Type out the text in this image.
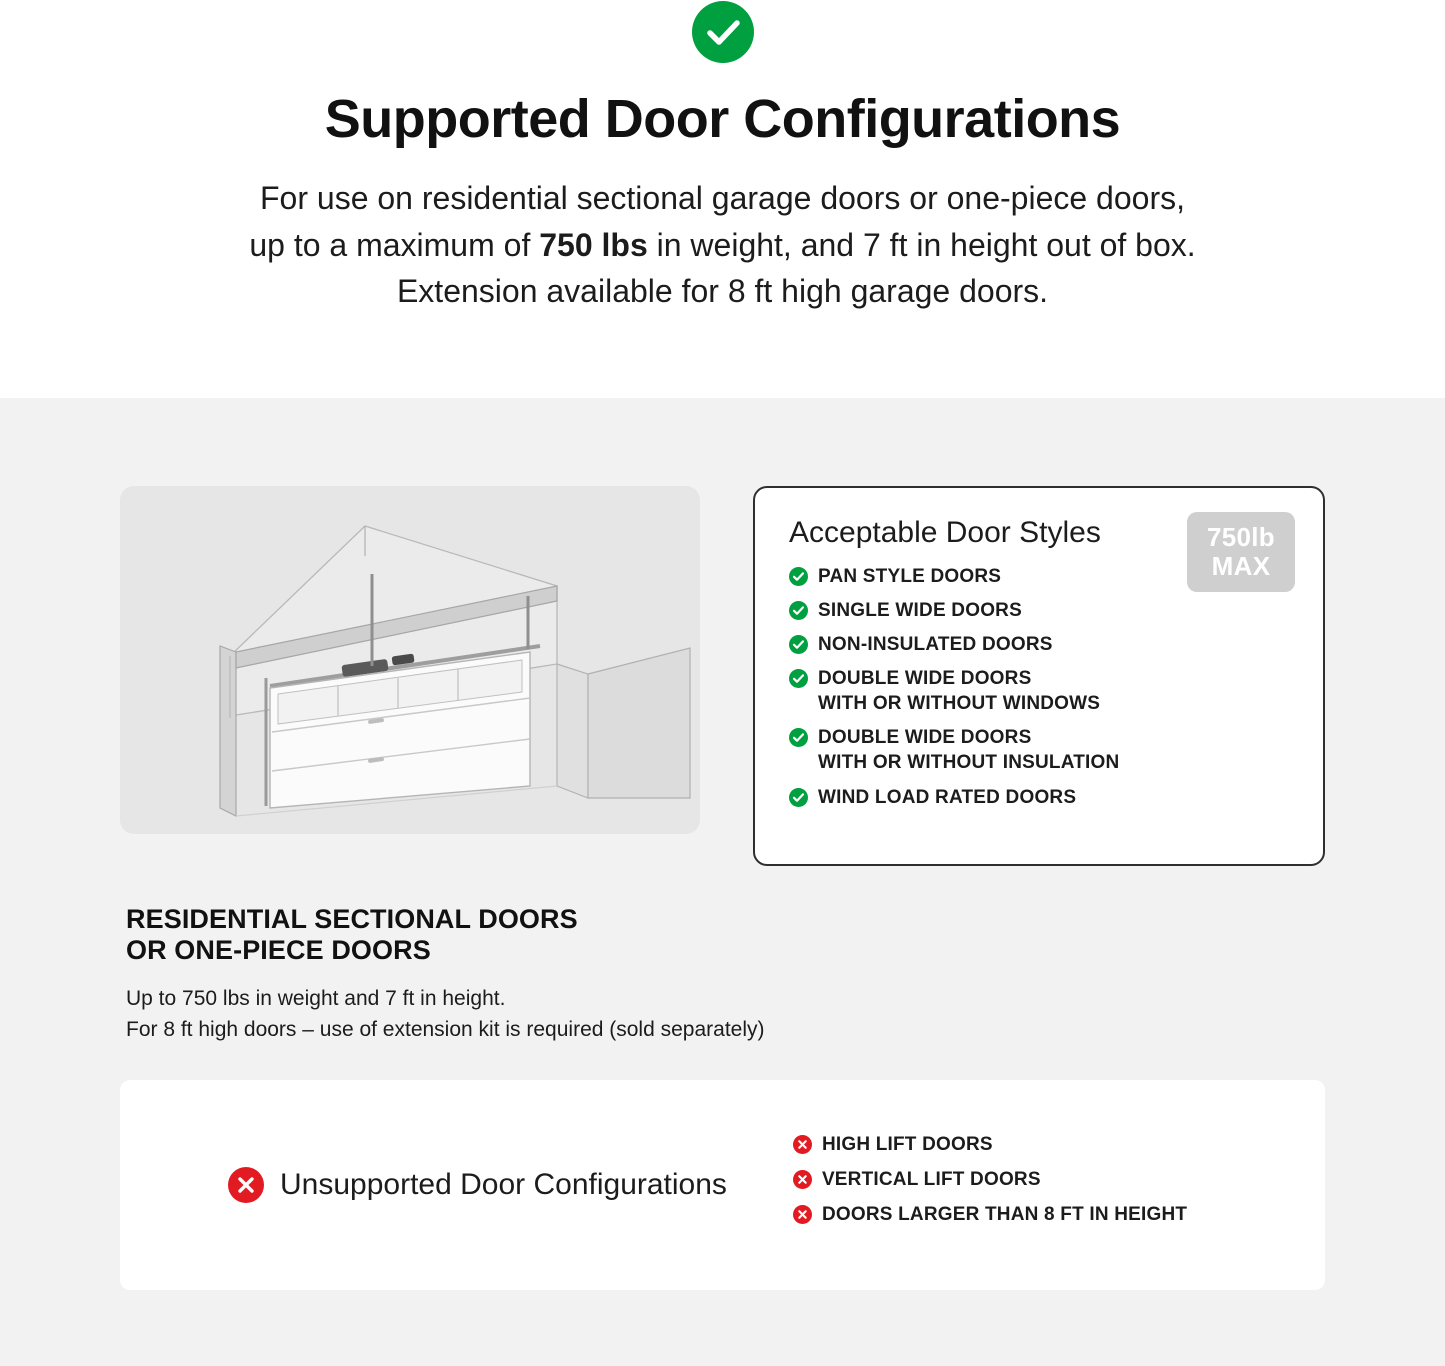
Supported Door Configurations
For use on residential sectional garage doors or one-piece doors,
up to a maximum of 750 lbs in weight, and 7 ft in height out of box.
Extension available for 8 ft high garage doors.
Acceptable Door Styles	750lb
MAX
PAN STYLE DOORS
SINGLE WIDE DOORS
NON-INSULATED DOORS
DOUBLE WIDE DOORS
WITH OR WITHOUT WINDOWS
DOUBLE WIDE DOORS
WITH OR WITHOUT INSULATION
WIND LOAD RATED DOORS
RESIDENTIAL SECTIONAL DOORS
OR ONE-PIECE DOORS
Up to 750 lbs in weight and 7 ft in height.
For 8 ft high doors – use of extension kit is required (sold separately)
Unsupported Door Configurations
HIGH LIFT DOORS
VERTICAL LIFT DOORS
DOORS LARGER THAN 8 FT IN HEIGHT
